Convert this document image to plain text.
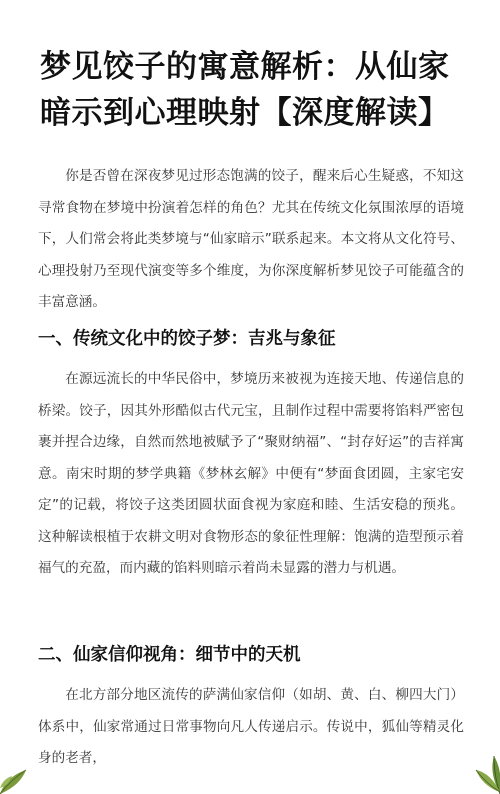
梦见饺子的寓意解析：从仙家暗示到心理映射【深度解读】

你是否曾在深夜梦见过形态饱满的饺子，醒来后心生疑惑，不知这寻常食物在梦境中扮演着怎样的角色？尤其在传统文化氛围浓厚的语境下，人们常会将此类梦境与“仙家暗示”联系起来。本文将从文化符号、心理投射乃至现代演变等多个维度，为你深度解析梦见饺子可能蕴含的丰富意涵。

一、传统文化中的饺子梦：吉兆与象征

在源远流长的中华民俗中，梦境历来被视为连接天地、传递信息的桥梁。饺子，因其外形酷似古代元宝，且制作过程中需要将馅料严密包裹并捏合边缘，自然而然地被赋予了“聚财纳福”、“封存好运”的吉祥寓意。南宋时期的梦学典籍《梦林玄解》中便有“梦面食团圆，主家宅安定”的记载，将饺子这类团圆状面食视为家庭和睦、生活安稳的预兆。这种解读根植于农耕文明对食物形态的象征性理解：饱满的造型预示着福气的充盈，而内藏的馅料则暗示着尚未显露的潜力与机遇。

二、仙家信仰视角：细节中的天机

在北方部分地区流传的萨满仙家信仰（如胡、黄、白、柳四大门）体系中，仙家常通过日常事物向凡人传递启示。传说中，狐仙等精灵化身的老者，
